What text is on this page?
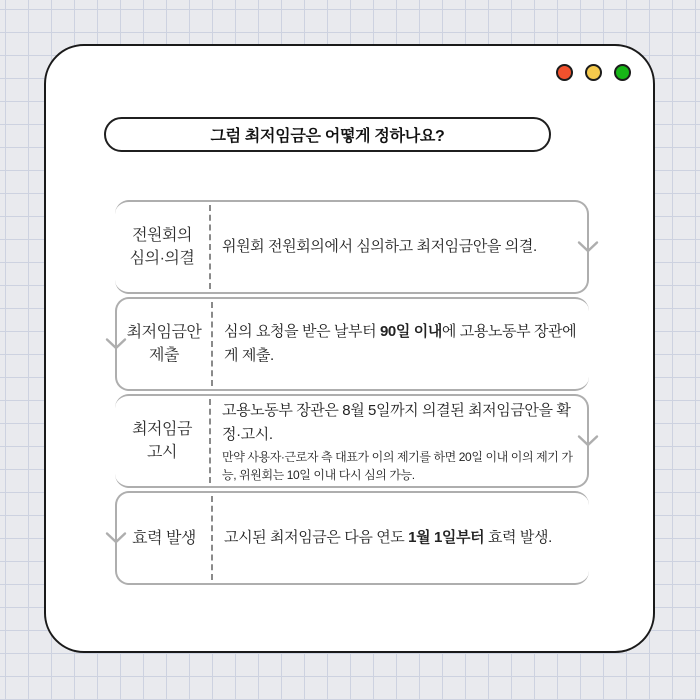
그럼 최저임금은 어떻게 정하나요?
전원회의
심의·의결

위원회 전원회의에서 심의하고 최저임금안을 의결.

최저임금안
제출

심의 요청을 받은 날부터 90일 이내에 고용노동부 장관에게 제출.

최저임금
고시

고용노동부 장관은 8월 5일까지 의결된 최저임금안을 확정·고시.

만약 사용자·근로자 측 대표가 이의 제기를 하면 20일 이내 이의 제기 가능, 위원회는 10일 이내 다시 심의 가능.

효력 발생 고시된 최저임금은 다음 연도 1월 1일부터 효력 발생.
